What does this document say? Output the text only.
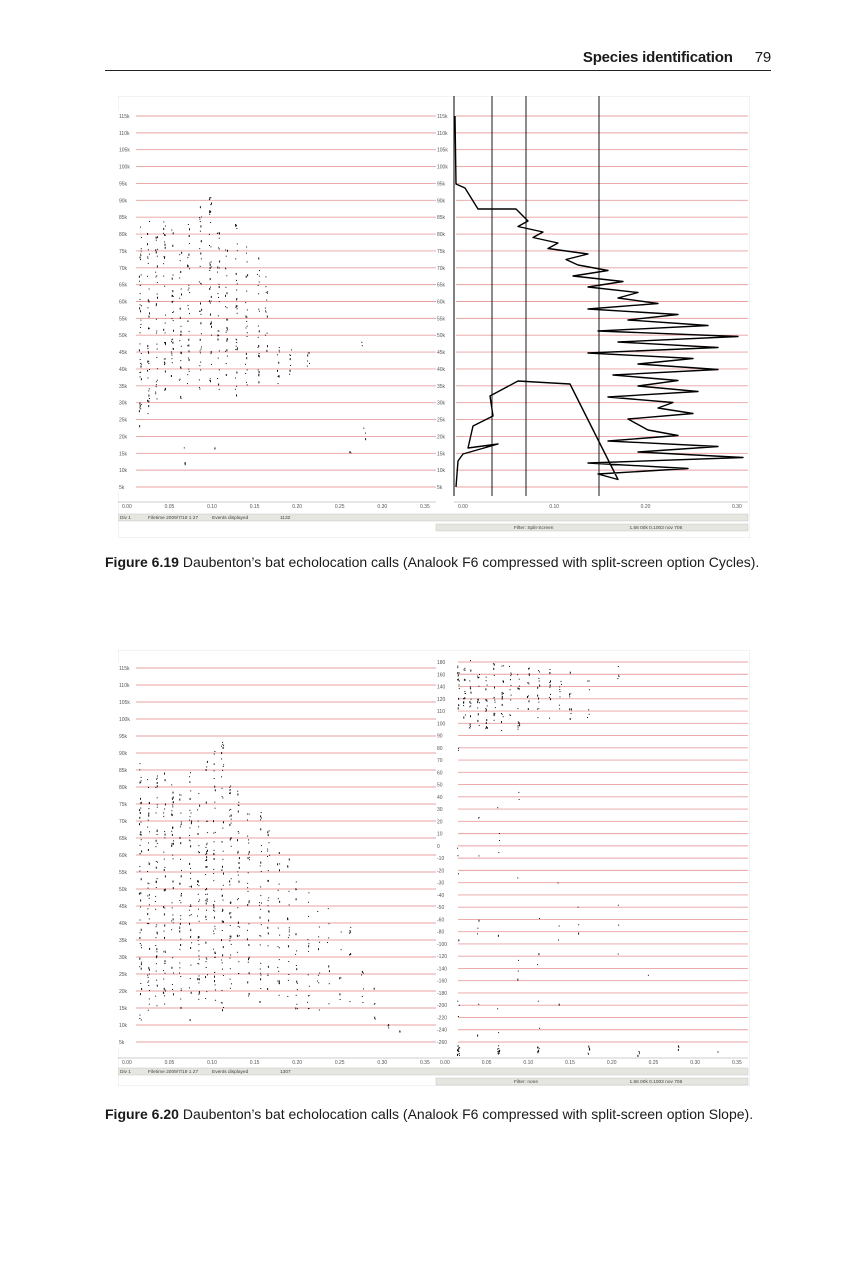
Species identification 79
115k
110k
105k
100k
95k
90k
85k
80k
75k
70k
65k
60k
55k
50k
45k
40k
35k
30k
25k
20k
15k
10k
5k
115k
110k
105k
100k
95k
90k
85k
80k
75k
70k
65k
60k
55k
50k
45k
40k
35k
30k
25k
20k
15k
10k
5k
0.00	0.05	0.10	0.15	0.20	0.25	0.30	0.35	0.00	0.10	0.20	0.30
Div 1	Filetime 2009/7/19 1 27	Events displayed	1132
Filter: Split-Screen	1.56 00k 0.1003 nov 706
Figure 6.19 Daubenton’s bat echolocation calls (Analook F6 compressed with split-screen option Cycles).
115k
110k
105k
100k
95k
90k
85k
80k
75k
70k
65k
60k
55k
50k
45k
40k
35k
30k
25k
20k
15k
10k
5k
180
160
140
120
110
100
90
80
70
60
50
40
30
20
10
0
-10
-20
-30
-40
-50
-60
-80
-100
-120
-140
-160
-180
-200
-220
-240
-260
0.00	0.05	0.10	0.15	0.20	0.25	0.30	0.35 0.00	0.05	0.10	0.15	0.20	0.25	0.30	0.35
Div 1	Filetime 2009/7/19 1 27	Events displayed	1307
Filter: none	1.56 00k 0.1003 nov 706
Figure 6.20 Daubenton’s bat echolocation calls (Analook F6 compressed with split-screen option Slope).
